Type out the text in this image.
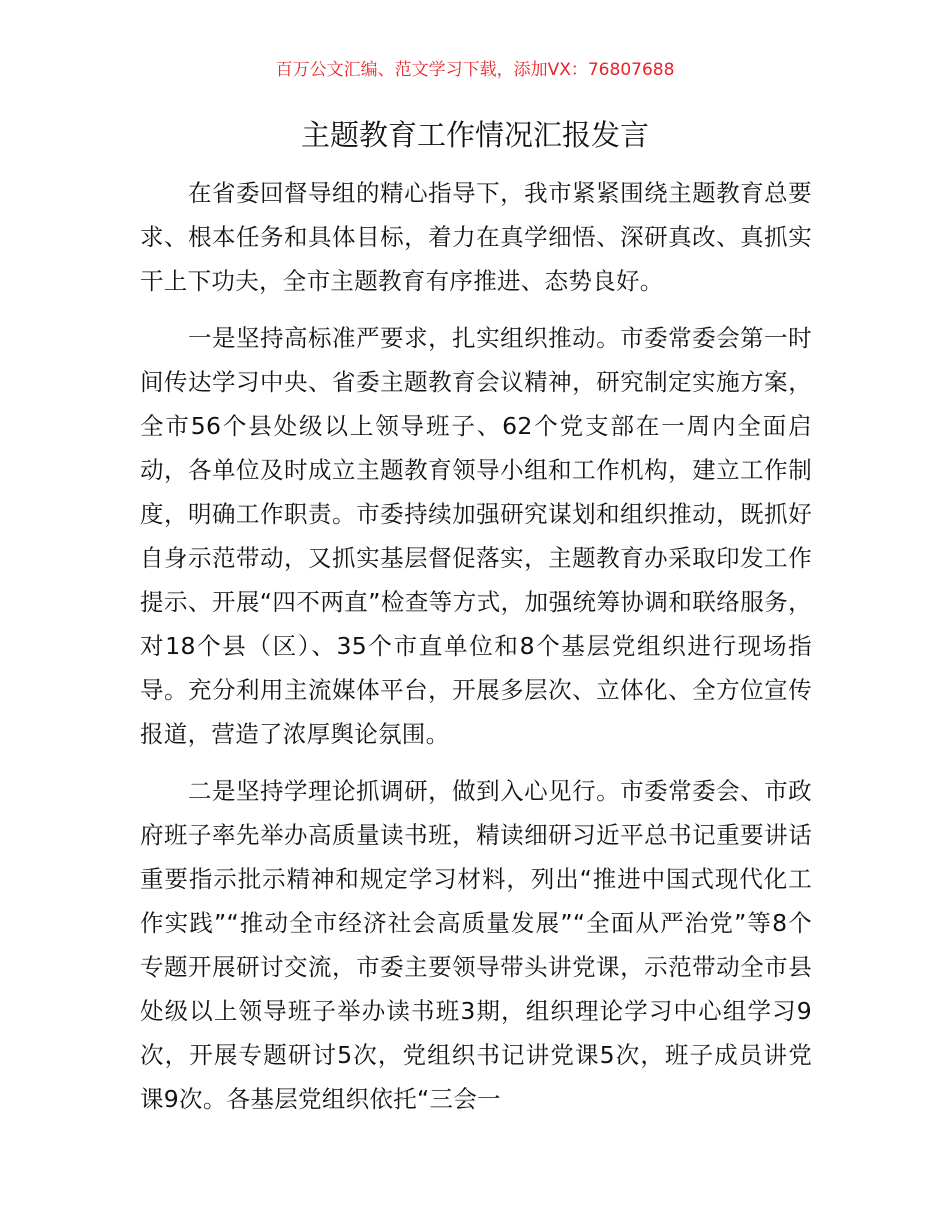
百万公文汇编、范文学习下载，添加VX：76807688
主题教育工作情况汇报发言

在省委回督导组的精心指导下，我市紧紧围绕主题教育总要求、根本任务和具体目标，着力在真学细悟、深研真改、真抓实干上下功夫，全市主题教育有序推进、态势良好。

一是坚持高标准严要求，扎实组织推动。市委常委会第一时间传达学习中央、省委主题教育会议精神，研究制定实施方案，全市56个县处级以上领导班子、62个党支部在一周内全面启动，各单位及时成立主题教育领导小组和工作机构，建立工作制度，明确工作职责。市委持续加强研究谋划和组织推动，既抓好自身示范带动，又抓实基层督促落实，主题教育办采取印发工作提示、开展“四不两直”检查等方式，加强统筹协调和联络服务，对18个县（区）、35个市直单位和8个基层党组织进行现场指导。充分利用主流媒体平台，开展多层次、立体化、全方位宣传报道，营造了浓厚舆论氛围。

二是坚持学理论抓调研，做到入心见行。市委常委会、市政府班子率先举办高质量读书班，精读细研习近平总书记重要讲话重要指示批示精神和规定学习材料，列出“推进中国式现代化工作实践”“推动全市经济社会高质量发展”“全面从严治党”等8个专题开展研讨交流，市委主要领导带头讲党课，示范带动全市县处级以上领导班子举办读书班3期，组织理论学习中心组学习9次，开展专题研讨5次，党组织书记讲党课5次，班子成员讲党课9次。各基层党组织依托“三会一
